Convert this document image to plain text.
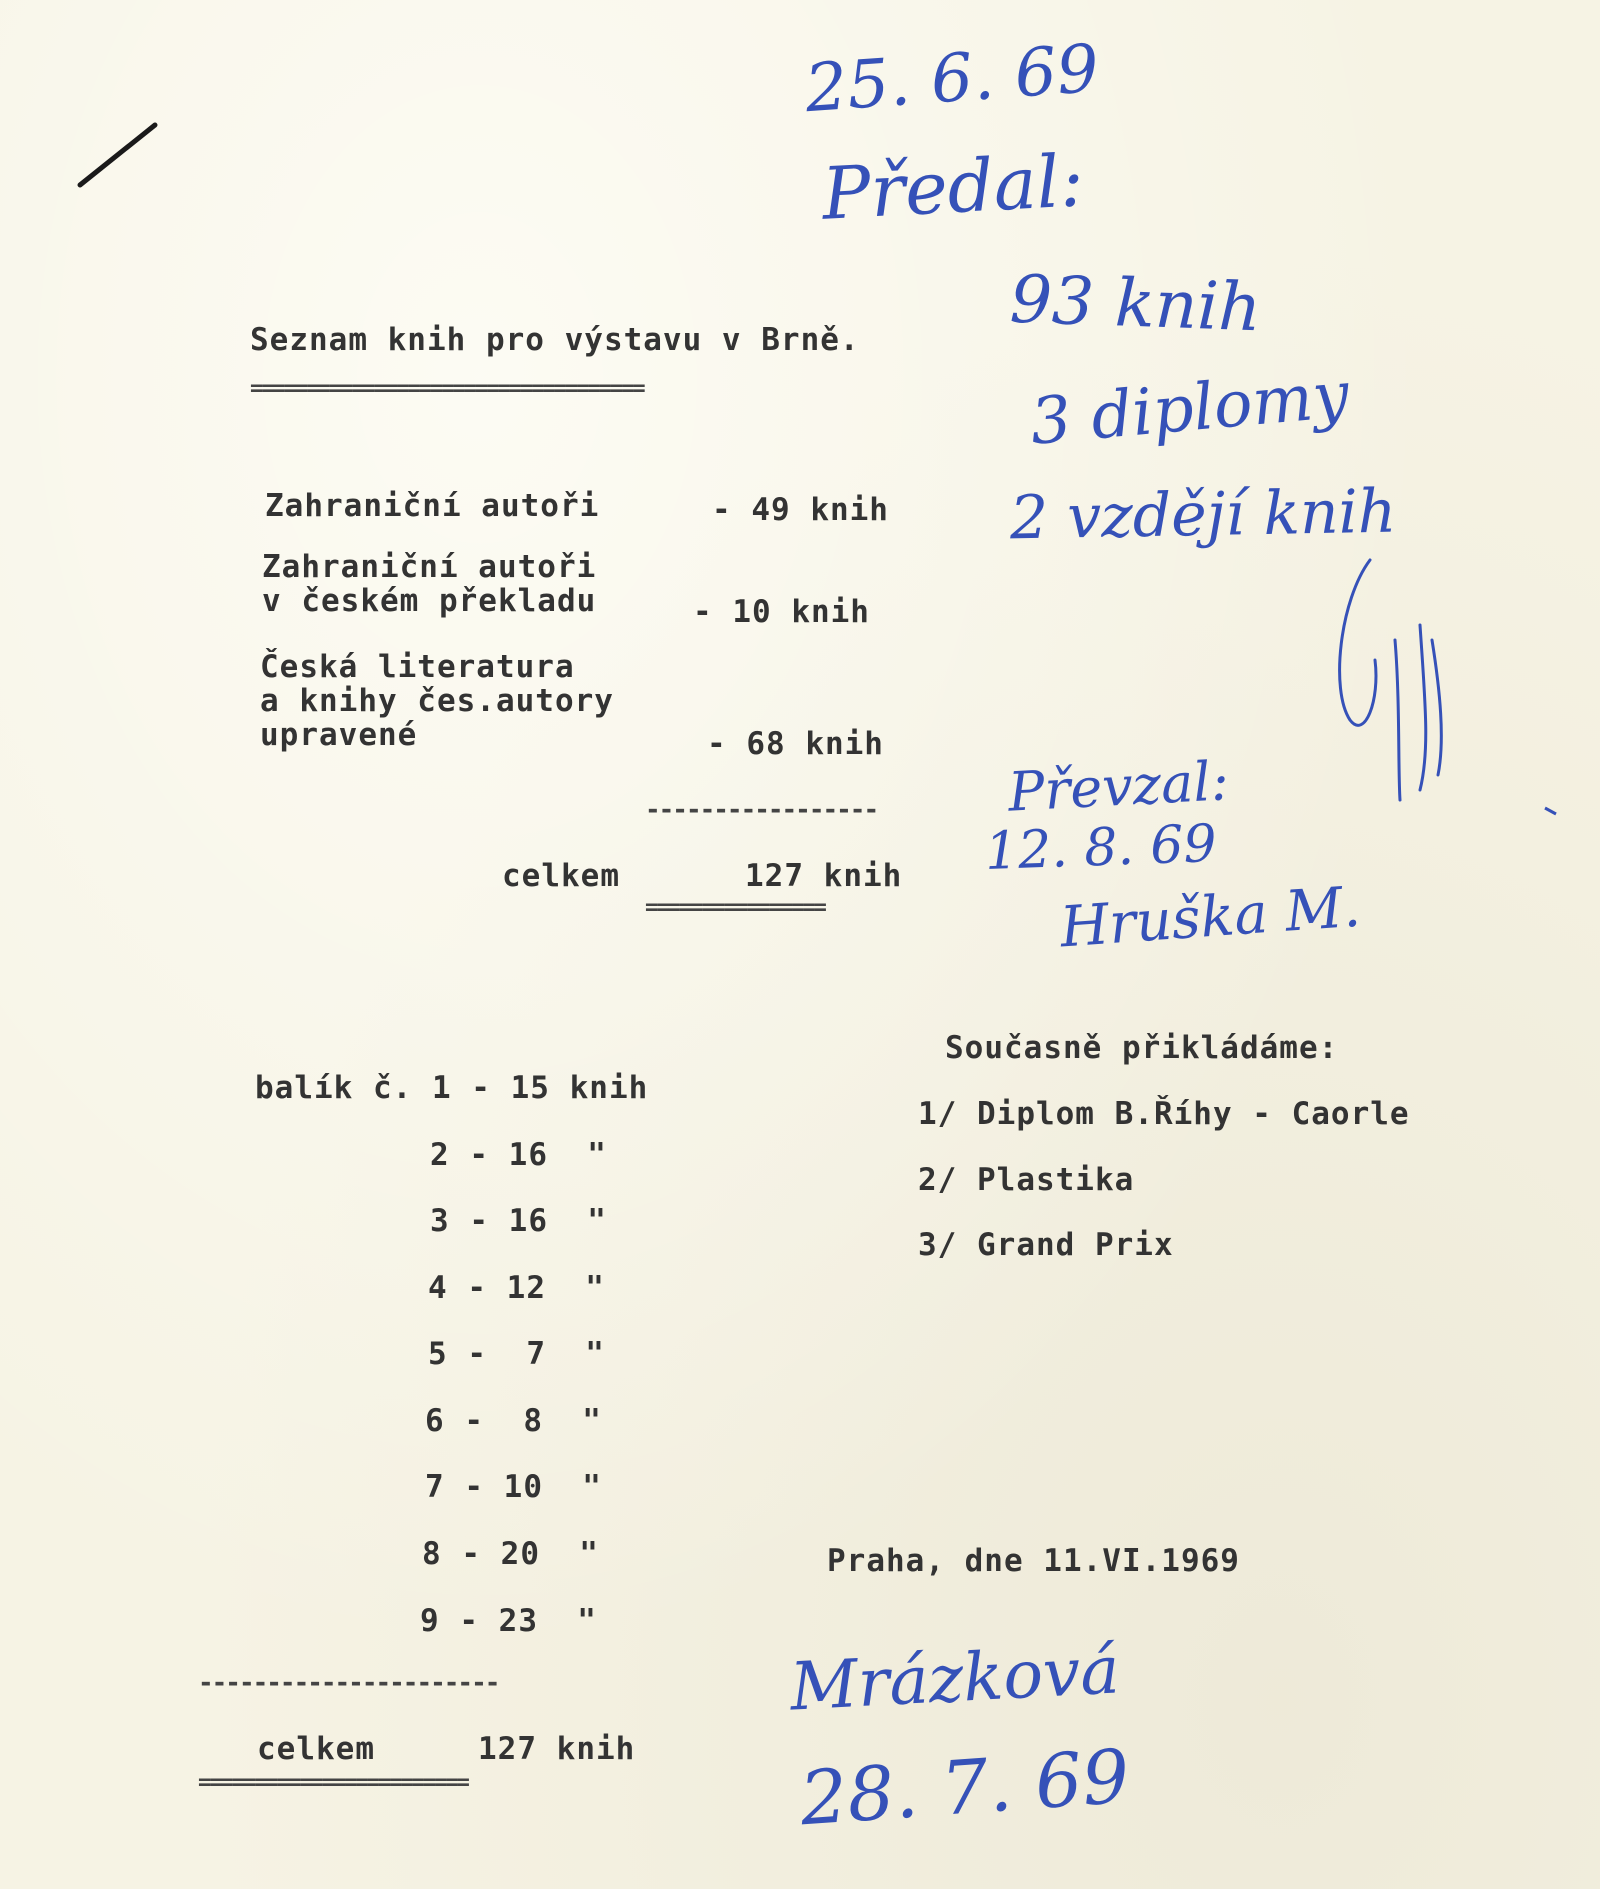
Seznam knih pro výstavu v Brně.
===================================
Zahraniční autoři	- 49 knih
Zahraniční autoři
v českém překladu	- 10 knih
Česká literatura
a knihy čes.autory
upravené	- 68 knih
-----------------
celkem	127 knih
================
balík č. 1 - 15 knih
2 - 16  "
3 - 16  "
4 - 12  "
5 -  7  "
6 -  8  "
7 - 10  "
8 - 20  "
9 - 23  "
----------------------
celkem	127 knih
========================
Současně přikládáme:
1/ Diplom B.Říhy - Caorle
2/ Plastika
3/ Grand Prix
Praha, dne 11.VI.1969
25. 6. 69
Předal:
93 knih
3 diplomy
2 vzdějí knih
Převzal:
12. 8. 69
Hruška M.
Mrázková
28. 7. 69
